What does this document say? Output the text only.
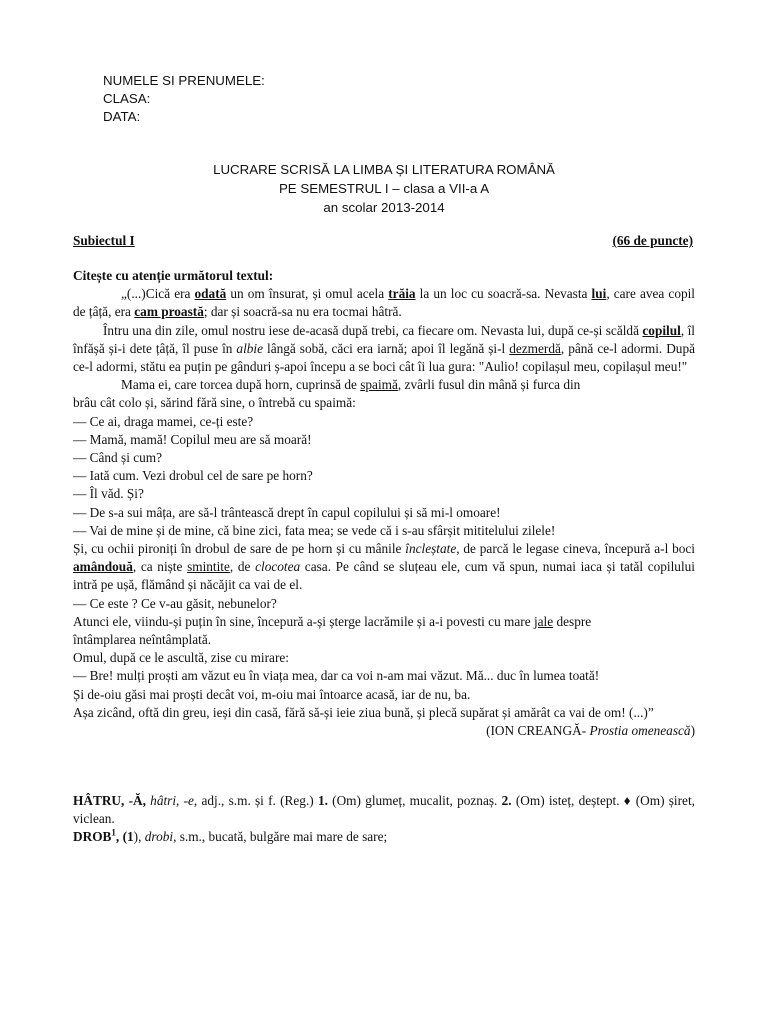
NUMELE SI PRENUMELE:
CLASA:
DATA:
LUCRARE SCRISĂ LA LIMBA ȘI LITERATURA ROMÂNĂ
PE SEMESTRUL I – clasa a VII-a A
an scolar 2013-2014
Subiectul I	(66 de puncte)

Citește cu atenție următorul textul:

„(...)Cică era odată un om însurat, și omul acela trăia la un loc cu soacră-sa. Nevasta lui, care avea copil de țâță, era cam proastă; dar și soacră-sa nu era tocmai hâtră.

Întru una din zile, omul nostru iese de-acasă după trebi, ca fiecare om. Nevasta lui, după ce-și scăldă copilul, îl înfășă și-i dete țâță, îl puse în albie lângă sobă, căci era iarnă; apoi îl legănă și-l dezmerdă, până ce-l adormi. După ce-l adormi, stătu ea puțin pe gânduri ș-apoi începu a se boci cât îi lua gura: "Aulio! copilașul meu, copilașul meu!"

Mama ei, care torcea după horn, cuprinsă de spaimă, zvârli fusul din mână și furca din

brâu cât colo și, sărind fără sine, o întrebă cu spaimă:

— Ce ai, draga mamei, ce-ți este?

— Mamă, mamă! Copilul meu are să moară!

— Când și cum?

— Iată cum. Vezi drobul cel de sare pe horn?

— Îl văd. Și?

— De s-a sui mâța, are să-l trântească drept în capul copilului și să mi-l omoare!

— Vai de mine și de mine, că bine zici, fata mea; se vede că i s-au sfârșit mititelului zilele!

Și, cu ochii pironiți în drobul de sare de pe horn și cu mânile încleștate, de parcă le legase cineva, începură a-l boci amândouă, ca niște smintite, de clocotea casa. Pe când se sluțeau ele, cum vă spun, numai iaca și tatăl copilului intră pe ușă, flămând și năcăjit ca vai de el.

— Ce este ? Ce v-au găsit, nebunelor?

Atunci ele, viindu-și puțin în sine, începură a-și șterge lacrămile și a-i povesti cu mare jale despre

întâmplarea neîntâmplată.

Omul, după ce le ascultă, zise cu mirare:

— Bre! mulți proști am văzut eu în viața mea, dar ca voi n-am mai văzut. Mă... duc în lumea toată!

Și de-oiu găsi mai proști decât voi, m-oiu mai întoarce acasă, iar de nu, ba.

Așa zicând, oftă din greu, ieși din casă, fără să-și ieie ziua bună, și plecă supărat și amărât ca vai de om! (...)”

(ION CREANGĂ- Prostia omenească)

HÂTRU, -Ă, hâtri, -e, adj., s.m. și f. (Reg.) 1. (Om) glumeț, mucalit, poznaș. 2. (Om) isteț, deștept. ♦ (Om) șiret, viclean.

DROB$^1$, (1), drobi, s.m., bucată, bulgăre mai mare de sare;
